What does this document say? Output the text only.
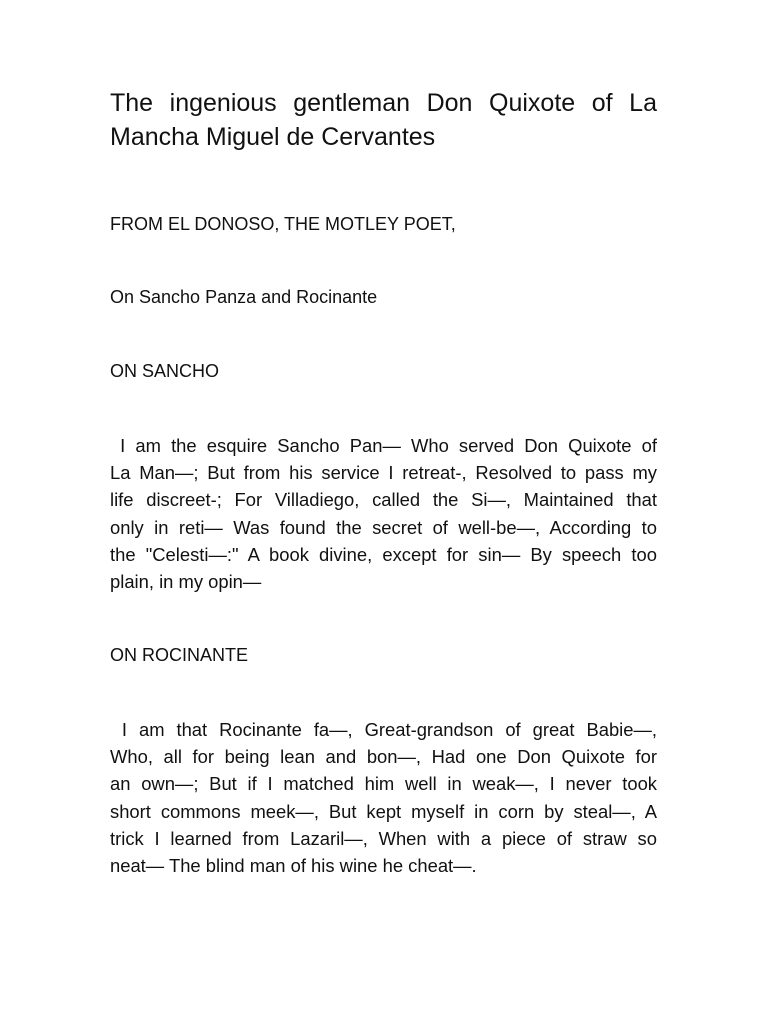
The ingenious gentleman Don Quixote of La
Mancha Miguel de Cervantes

FROM EL DONOSO, THE MOTLEY POET,

On Sancho Panza and Rocinante

ON SANCHO

I am the esquire Sancho Pan— Who served Don Quixote of
La Man—; But from his service I retreat-, Resolved to pass my
life discreet-; For Villadiego, called the Si—, Maintained that
only in reti— Was found the secret of well-be—, According to
the "Celesti—:" A book divine, except for sin— By speech too
plain, in my opin—

ON ROCINANTE

I am that Rocinante fa—, Great-grandson of great Babie—,
Who, all for being lean and bon—, Had one Don Quixote for
an own—; But if I matched him well in weak—, I never took
short commons meek—, But kept myself in corn by steal—, A
trick I learned from Lazaril—, When with a piece of straw so
neat— The blind man of his wine he cheat—.
